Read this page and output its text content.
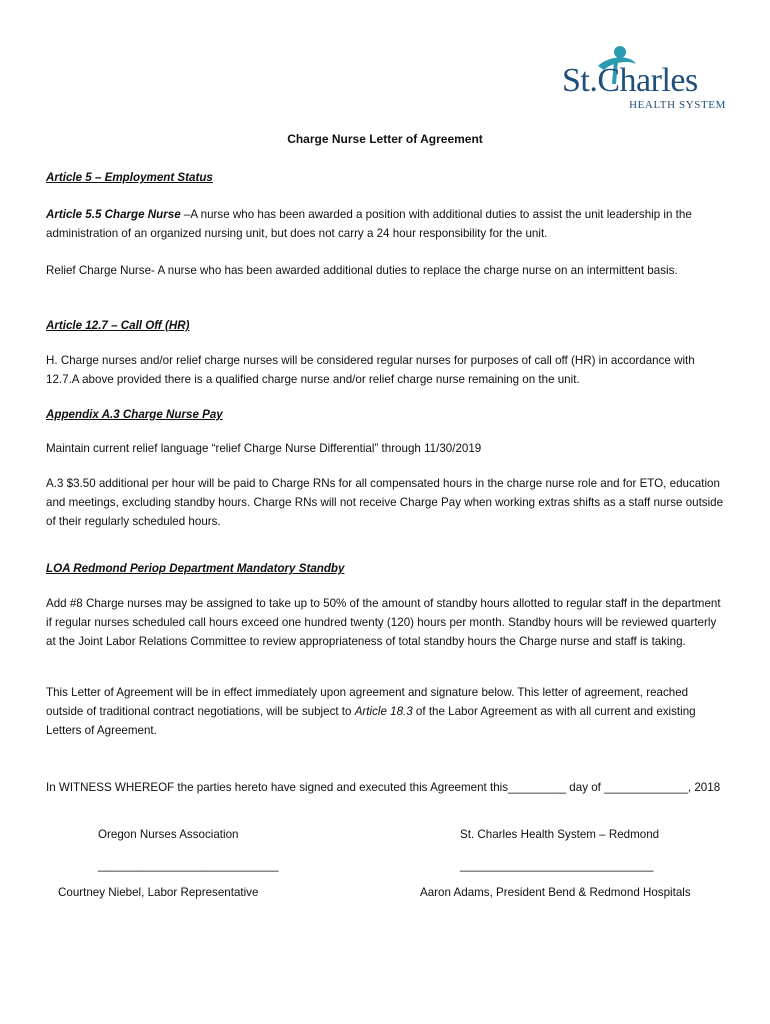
St.Charles
HEALTH SYSTEM
Charge Nurse Letter of Agreement
Article 5 – Employment Status
Article 5.5 Charge Nurse –A nurse who has been awarded a position with additional duties to assist the unit leadership in the administration of an organized nursing unit, but does not carry a 24 hour responsibility for the unit.
Relief Charge Nurse- A nurse who has been awarded additional duties to replace the charge nurse on an intermittent basis.
Article 12.7 – Call Off (HR)
H. Charge nurses and/or relief charge nurses will be considered regular nurses for purposes of call off (HR) in accordance with 12.7.A above provided there is a qualified charge nurse and/or relief charge nurse remaining on the unit.
Appendix A.3 Charge Nurse Pay
Maintain current relief language “relief Charge Nurse Differential” through 11/30/2019
A.3 $3.50 additional per hour will be paid to Charge RNs for all compensated hours in the charge nurse role and for ETO, education and meetings, excluding standby hours. Charge RNs will not receive Charge Pay when working extras shifts as a staff nurse outside of their regularly scheduled hours.
LOA Redmond Periop Department Mandatory Standby
Add #8 Charge nurses may be assigned to take up to 50% of the amount of standby hours allotted to regular staff in the department if regular nurses scheduled call hours exceed one hundred twenty (120) hours per month. Standby hours will be reviewed quarterly at the Joint Labor Relations Committee to review appropriateness of total standby hours the Charge nurse and staff is taking.
This Letter of Agreement will be in effect immediately upon agreement and signature below. This letter of agreement, reached outside of traditional contract negotiations, will be subject to Article 18.3 of the Labor Agreement as with all current and existing Letters of Agreement.
In WITNESS WHEREOF the parties hereto have signed and executed this Agreement this_________ day of _____________, 2018
Oregon Nurses Association	St. Charles Health System – Redmond
____________________________	______________________________
Courtney Niebel, Labor Representative	Aaron Adams, President Bend & Redmond Hospitals
